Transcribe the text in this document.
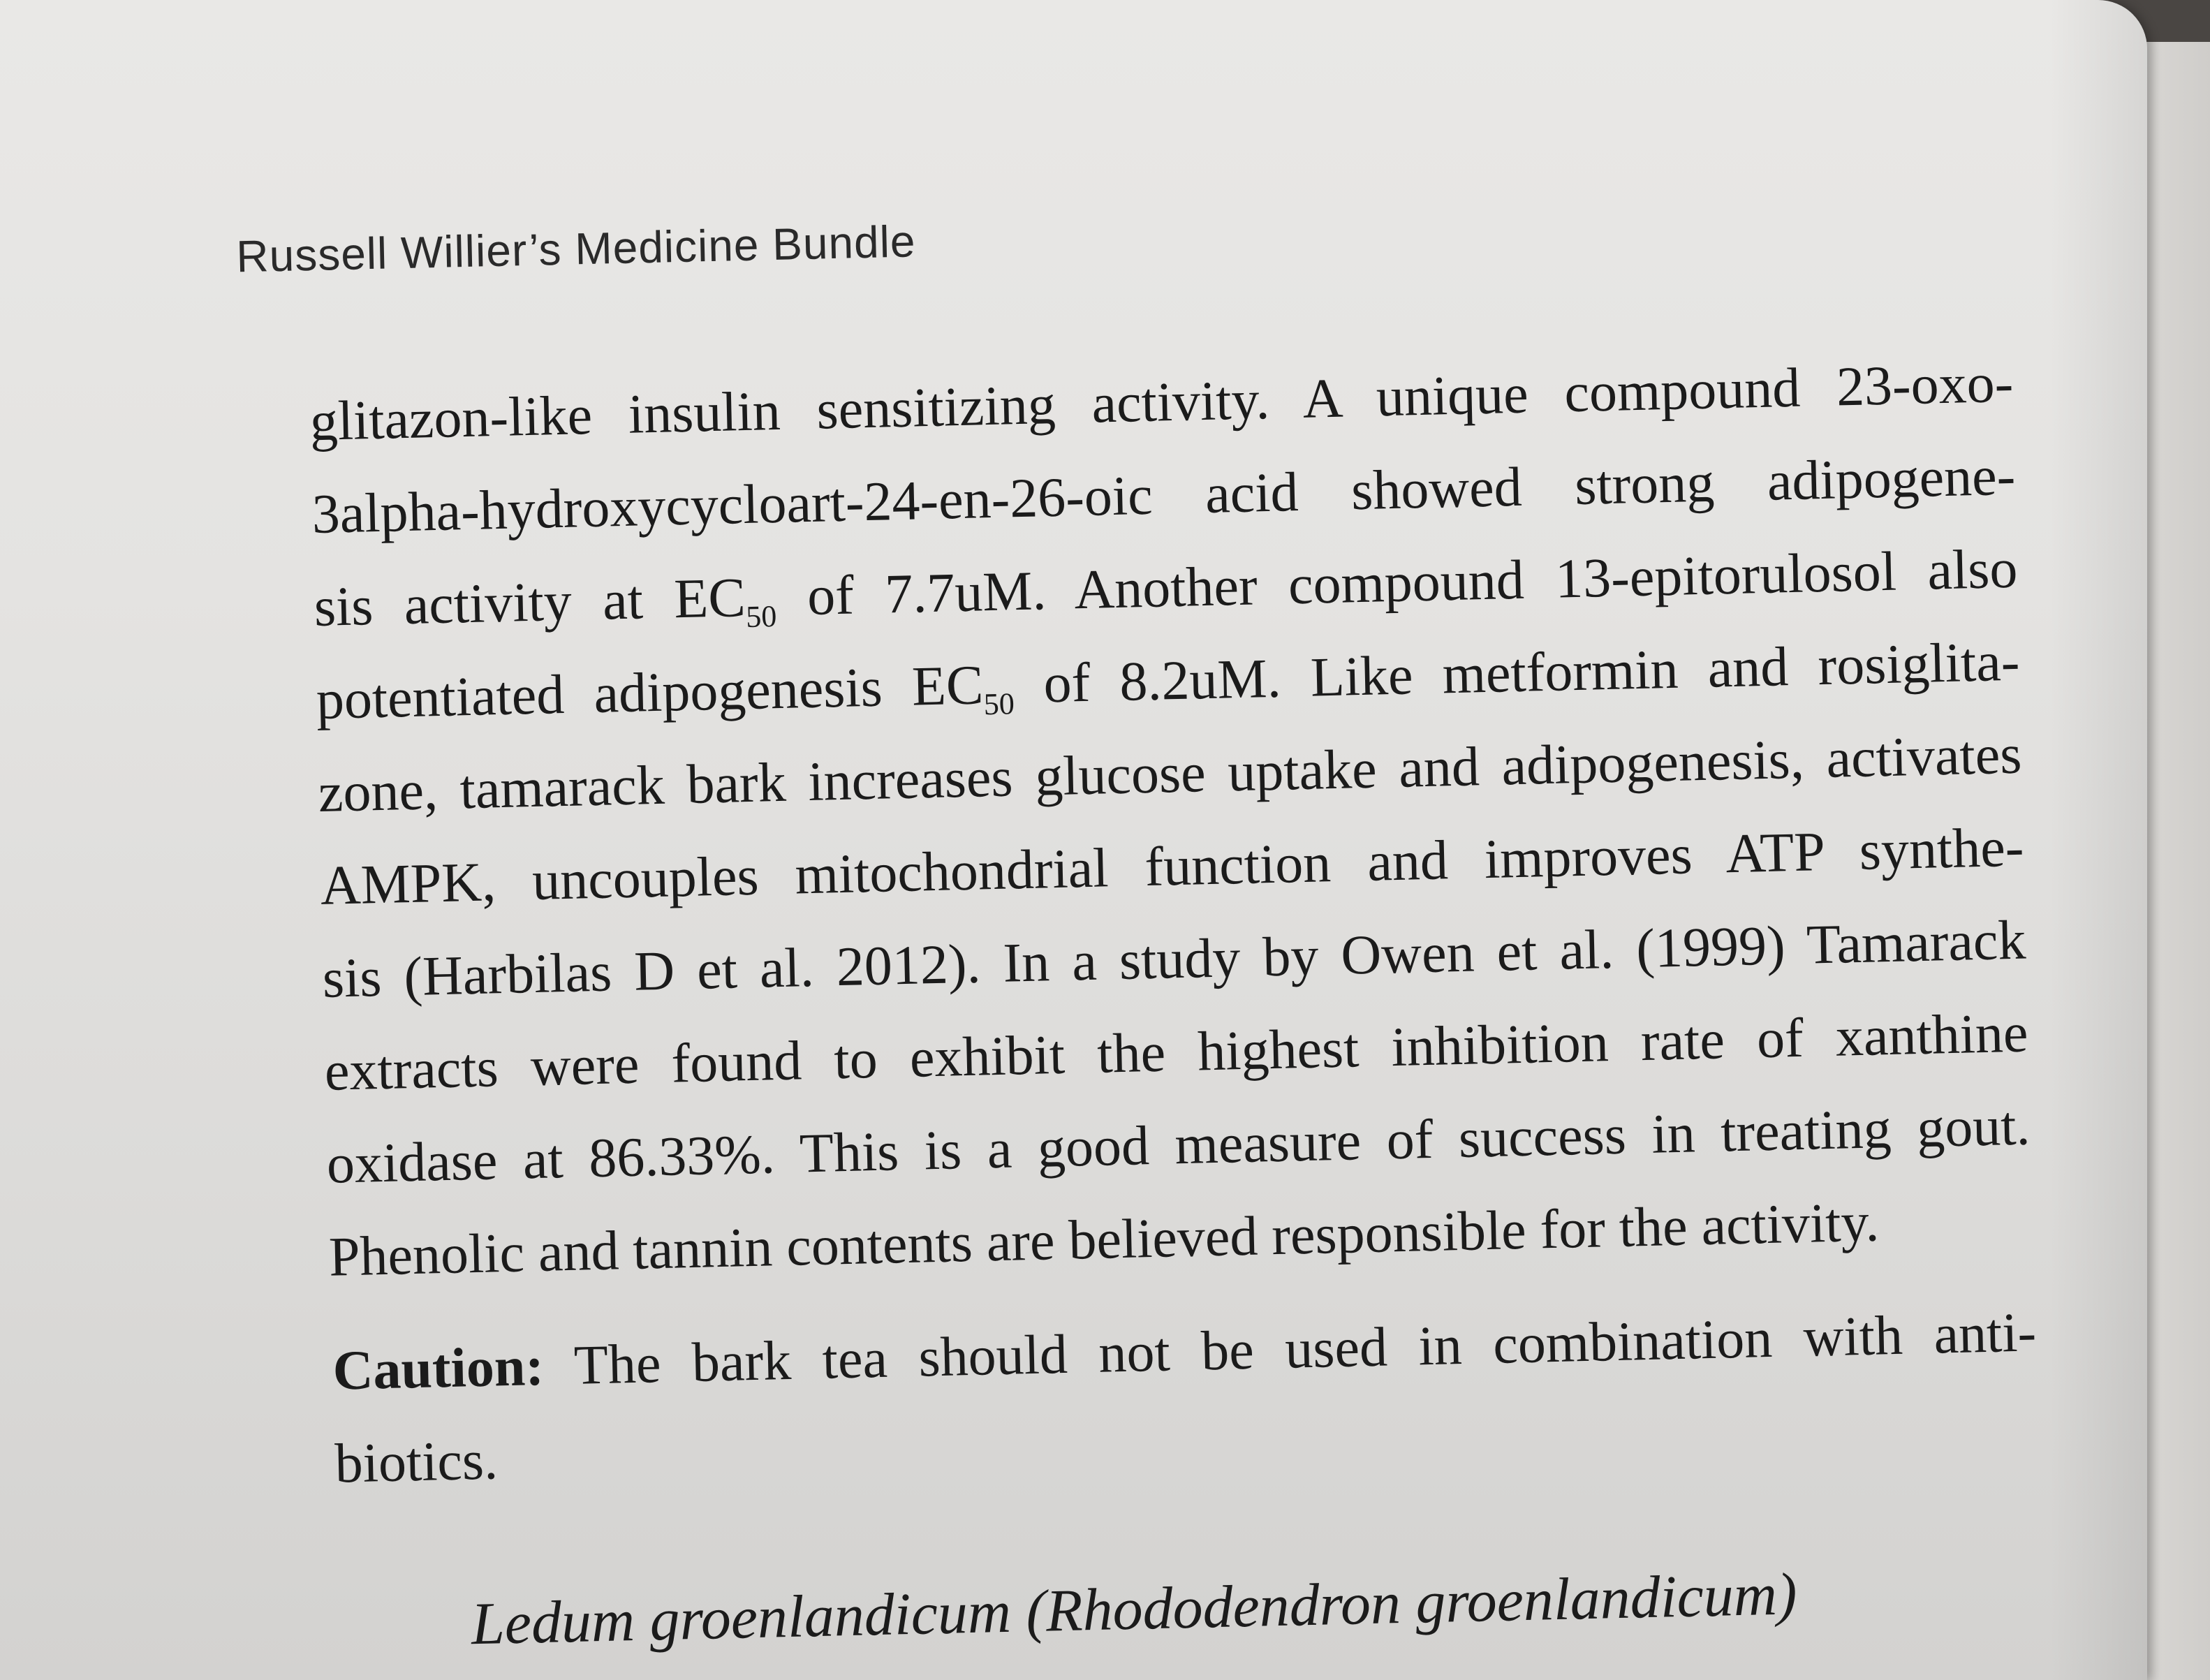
Russell Willier’s Medicine Bundle
glitazon-like insulin sensitizing activity. A unique compound 23-oxo-
3alpha-hydroxycycloart-24-en-26-oic acid showed strong adipogene-
sis activity at $EC_{50}$ of 7.7uM. Another compound 13-epitorulosol also
potentiated adipogenesis $EC_{50}$ of 8.2uM. Like metformin and rosiglita-
zone, tamarack bark increases glucose uptake and adipogenesis, activates
AMPK, uncouples mitochondrial function and improves ATP synthe-
sis (Harbilas D et al. 2012). In a study by Owen et al. (1999) Tamarack
extracts were found to exhibit the highest inhibition rate of xanthine
oxidase at 86.33%. This is a good measure of success in treating gout.
Phenolic and tannin contents are believed responsible for the activity.
Caution: The bark tea should not be used in combination with anti-
biotics.
Ledum groenlandicum (Rhododendron groenlandicum)
